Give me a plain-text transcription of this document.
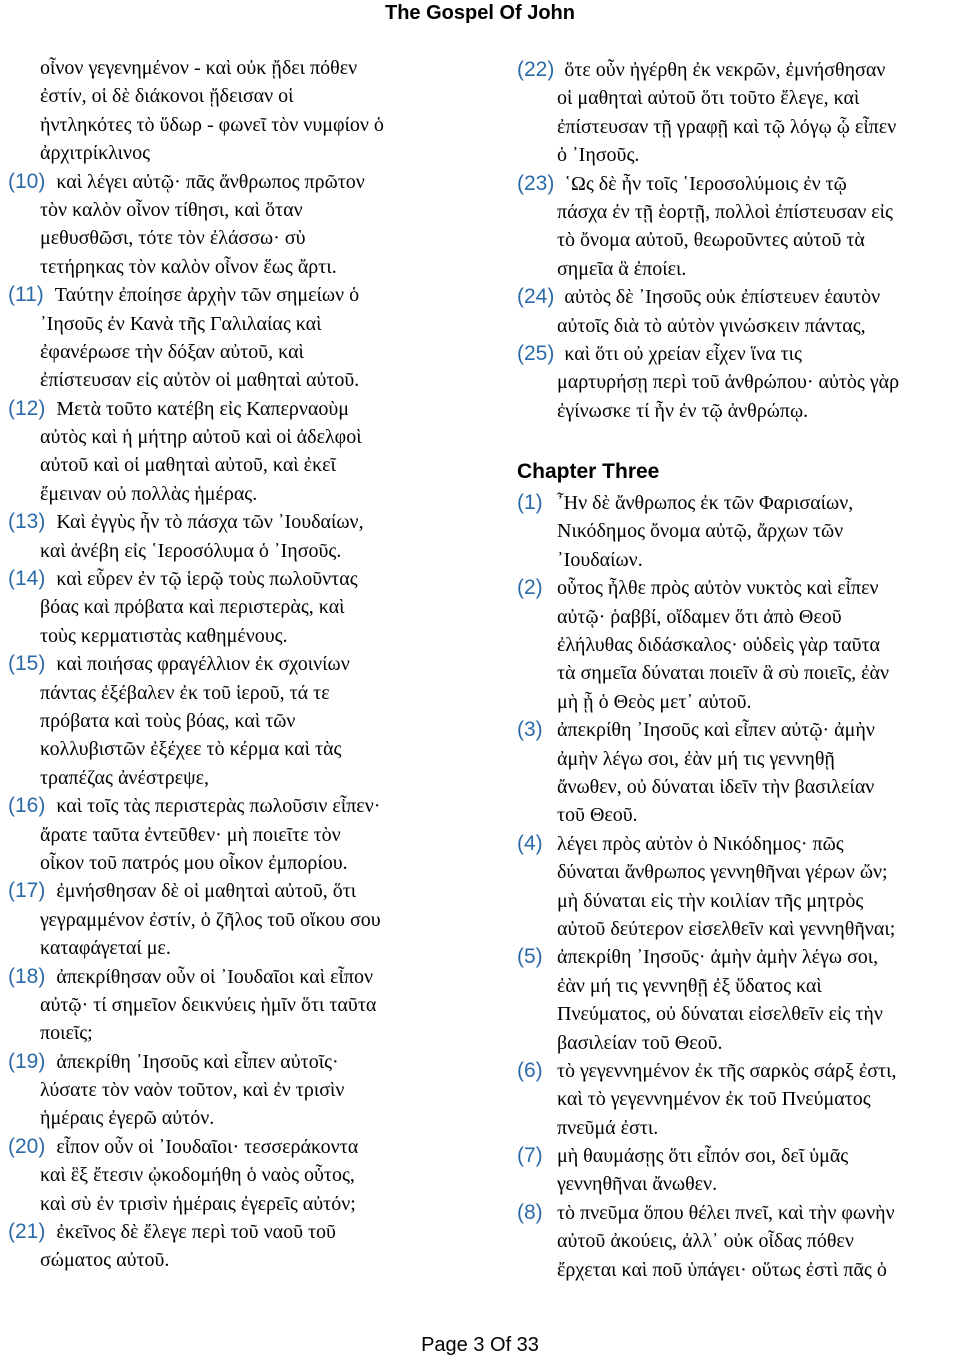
The Gospel Of John
οἶνον γεγενημένον - καὶ οὐκ ᾔδει πόθεν
ἐστίν, οἱ δὲ διάκονοι ᾔδεισαν οἱ
ἠντληκότες τὸ ὕδωρ - φωνεῖ τὸν νυμφίον ὁ
ἀρχιτρίκλινος
(10) καὶ λέγει αὐτῷ· πᾶς ἄνθρωπος πρῶτον
τὸν καλὸν οἶνον τίθησι, καὶ ὅταν
μεθυσθῶσι, τότε τὸν ἐλάσσω· σὺ
τετήρηκας τὸν καλὸν οἶνον ἕως ἄρτι.
(11) Ταύτην ἐποίησε ἀρχὴν τῶν σημείων ὁ
᾿Ιησοῦς ἐν Κανὰ τῆς Γαλιλαίας καὶ
ἐφανέρωσε τὴν δόξαν αὐτοῦ, καὶ
ἐπίστευσαν εἰς αὐτὸν οἱ μαθηταὶ αὐτοῦ.
(12) Μετὰ τοῦτο κατέβη εἰς Καπερναοὺμ
αὐτὸς καὶ ἡ μήτηρ αὐτοῦ καὶ οἱ ἀδελφοὶ
αὐτοῦ καὶ οἱ μαθηταὶ αὐτοῦ, καὶ ἐκεῖ
ἔμειναν οὐ πολλὰς ἡμέρας.
(13) Καὶ ἐγγὺς ἦν τὸ πάσχα τῶν ᾿Ιουδαίων,
καὶ ἀνέβη εἰς ῾Ιεροσόλυμα ὁ ᾿Ιησοῦς.
(14) καὶ εὗρεν ἐν τῷ ἱερῷ τοὺς πωλοῦντας
βόας καὶ πρόβατα καὶ περιστερὰς, καὶ
τοὺς κερματιστὰς καθημένους.
(15) καὶ ποιήσας φραγέλλιον ἐκ σχοινίων
πάντας ἐξέβαλεν ἐκ τοῦ ἱεροῦ, τά τε
πρόβατα καὶ τοὺς βόας, καὶ τῶν
κολλυβιστῶν ἐξέχεε τὸ κέρμα καὶ τὰς
τραπέζας ἀνέστρεψε,
(16) καὶ τοῖς τὰς περιστερὰς πωλοῦσιν εἶπεν·
ἄρατε ταῦτα ἐντεῦθεν· μὴ ποιεῖτε τὸν
οἶκον τοῦ πατρός μου οἶκον ἐμπορίου.
(17) ἐμνήσθησαν δὲ οἱ μαθηταὶ αὐτοῦ, ὅτι
γεγραμμένον ἐστίν, ὁ ζῆλος τοῦ οἴκου σου
καταφάγεταί με.
(18) ἀπεκρίθησαν οὖν οἱ ᾿Ιουδαῖοι καὶ εἶπον
αὐτῷ· τί σημεῖον δεικνύεις ἡμῖν ὅτι ταῦτα
ποιεῖς;
(19) ἀπεκρίθη ᾿Ιησοῦς καὶ εἶπεν αὐτοῖς·
λύσατε τὸν ναὸν τοῦτον, καὶ ἐν τρισὶν
ἡμέραις ἐγερῶ αὐτόν.
(20) εἶπον οὖν οἱ ᾿Ιουδαῖοι· τεσσεράκοντα
καὶ ἓξ ἔτεσιν ᾠκοδομήθη ὁ ναὸς οὗτος,
καὶ σὺ ἐν τρισὶν ἡμέραις ἐγερεῖς αὐτόν;
(21) ἐκεῖνος δὲ ἔλεγε περὶ τοῦ ναοῦ τοῦ
σώματος αὐτοῦ.
(22) ὅτε οὖν ἠγέρθη ἐκ νεκρῶν, ἐμνήσθησαν
οἱ μαθηταὶ αὐτοῦ ὅτι τοῦτο ἔλεγε, καὶ
ἐπίστευσαν τῇ γραφῇ καὶ τῷ λόγῳ ᾧ εἶπεν
ὁ ᾿Ιησοῦς.
(23) ῾Ως δὲ ἦν τοῖς ῾Ιεροσολύμοις ἐν τῷ
πάσχα ἐν τῇ ἑορτῇ, πολλοὶ ἐπίστευσαν εἰς
τὸ ὄνομα αὐτοῦ, θεωροῦντες αὐτοῦ τὰ
σημεῖα ἃ ἐποίει.
(24) αὐτὸς δὲ ᾿Ιησοῦς οὐκ ἐπίστευεν ἑαυτὸν
αὐτοῖς διὰ τὸ αὐτὸν γινώσκειν πάντας,
(25) καὶ ὅτι οὐ χρείαν εἶχεν ἵνα τις
μαρτυρήσῃ περὶ τοῦ ἀνθρώπου· αὐτὸς γὰρ
ἐγίνωσκε τί ἦν ἐν τῷ ἀνθρώπῳ.
Chapter Three
(1) ῏Ην δὲ ἄνθρωπος ἐκ τῶν Φαρισαίων,
Νικόδημος ὄνομα αὐτῷ, ἄρχων τῶν
᾿Ιουδαίων.
(2) οὗτος ἦλθε πρὸς αὐτὸν νυκτὸς καὶ εἶπεν
αὐτῷ· ῥαββί, οἴδαμεν ὅτι ἀπὸ Θεοῦ
ἐλήλυθας διδάσκαλος· οὐδεὶς γὰρ ταῦτα
τὰ σημεῖα δύναται ποιεῖν ἃ σὺ ποιεῖς, ἐὰν
μὴ ᾖ ὁ Θεὸς μετ᾿ αὐτοῦ.
(3) ἀπεκρίθη ᾿Ιησοῦς καὶ εἶπεν αὐτῷ· ἀμὴν
ἀμὴν λέγω σοι, ἐὰν μή τις γεννηθῇ
ἄνωθεν, οὐ δύναται ἰδεῖν τὴν βασιλείαν
τοῦ Θεοῦ.
(4) λέγει πρὸς αὐτὸν ὁ Νικόδημος· πῶς
δύναται ἄνθρωπος γεννηθῆναι γέρων ὤν;
μὴ δύναται εἰς τὴν κοιλίαν τῆς μητρὸς
αὐτοῦ δεύτερον εἰσελθεῖν καὶ γεννηθῆναι;
(5) ἀπεκρίθη ᾿Ιησοῦς· ἀμὴν ἀμὴν λέγω σοι,
ἐὰν μή τις γεννηθῇ ἐξ ὕδατος καὶ
Πνεύματος, οὐ δύναται εἰσελθεῖν εἰς τὴν
βασιλείαν τοῦ Θεοῦ.
(6) τὸ γεγεννημένον ἐκ τῆς σαρκὸς σάρξ ἐστι,
καὶ τὸ γεγεννημένον ἐκ τοῦ Πνεύματος
πνεῦμά ἐστι.
(7) μὴ θαυμάσῃς ὅτι εἶπόν σοι, δεῖ ὑμᾶς
γεννηθῆναι ἄνωθεν.
(8) τὸ πνεῦμα ὅπου θέλει πνεῖ, καὶ τὴν φωνὴν
αὐτοῦ ἀκούεις, ἀλλ᾿ οὐκ οἶδας πόθεν
ἔρχεται καὶ ποῦ ὑπάγει· οὕτως ἐστὶ πᾶς ὁ
Page 3 Of 33
